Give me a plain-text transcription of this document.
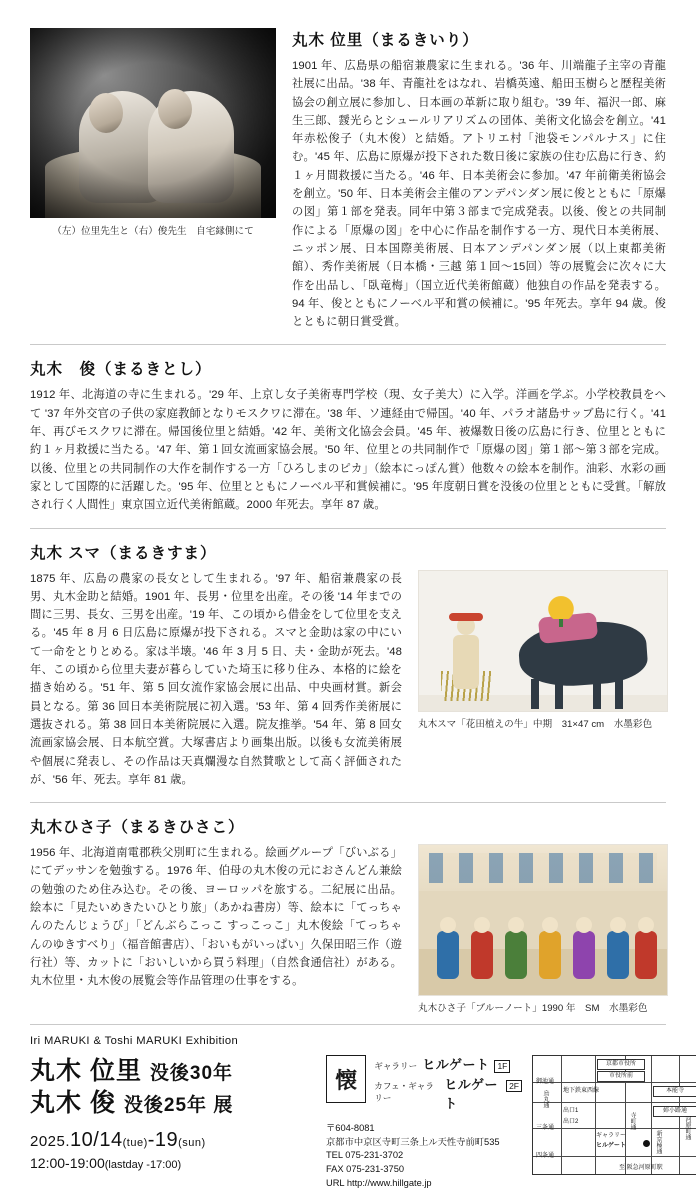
（左）位里先生と（右）俊先生　自宅縁側にて
丸木 位里（まるきいり）

1901 年、広島県の船宿兼農家に生まれる。'36 年、川端龍子主宰の青龍社展に出品。'38 年、青龍社をはなれ、岩橋英遠、船田玉樹らと歴程美術協会の創立展に参加し、日本画の革新に取り組む。'39 年、福沢一郎、麻生三郎、靉光らとシュールリアリズムの団体、美術文化協会を創立。'41 年赤松俊子（丸木俊）と結婚。アトリエ村「池袋モンパルナス」に住む。'45 年、広島に原爆が投下された数日後に家族の住む広島に行き、約１ヶ月間救援に当たる。'46 年、日本美術会に参加。'47 年前衛美術協会を創立。'50 年、日本美術会主催のアンデパンダン展に俊とともに「原爆の図」第１部を発表。同年中第３部まで完成発表。以後、俊との共同制作による「原爆の図」を中心に作品を制作する一方、現代日本美術展、ニッポン展、日本国際美術展、日本アンデパンダン展（以上東都美術館）、秀作美術展（日本橋・三越 第１回～15回）等の展覧会に次々に大作を出品し、「臥竜梅」（国立近代美術館蔵）他独自の作品を発表する。94 年、俊とともにノーベル平和賞の候補に。'95 年死去。享年 94 歳。俊とともに朝日賞受賞。

丸木　俊（まるきとし）

1912 年、北海道の寺に生まれる。'29 年、上京し女子美術専門学校（現、女子美大）に入学。洋画を学ぶ。小学校教員をへて '37 年外交官の子供の家庭教師となりモスクワに滞在。'38 年、ソ連経由で帰国。'40 年、パラオ諸島サッブ島に行く。'41 年、再びモスクワに滞在。帰国後位里と結婚。'42 年、美術文化協会会員。'45 年、被爆数日後の広島に行き、位里とともに約１ヶ月救援に当たる。'47 年、第１回女流画家協会展。'50 年、位里との共同制作で「原爆の図」第１部～第３部を完成。以後、位里との共同制作の大作を制作する一方「ひろしまのピカ」（絵本にっぽん賞）他数々の絵本を制作。油彩、水彩の画家として国際的に活躍した。'95 年、位里とともにノーベル平和賞候補に。'95 年度朝日賞を没後の位里とともに受賞。「解放され行く人間性」東京国立近代美術館蔵。2000 年死去。享年 87 歳。

丸木 スマ（まるきすま）

1875 年、広島の農家の長女として生まれる。'97 年、船宿兼農家の長男、丸木金助と結婚。1901 年、長男・位里を出産。その後 '14 年までの間に三男、長女、三男を出産。'19 年、この頃から借金をして位里を支える。'45 年 8 月 6 日広島に原爆が投下される。スマと金助は家の中にいて一命をとりとめる。家は半壊。'46 年 3 月 5 日、夫・金助が死去。'48 年、この頃から位里夫妻が暮らしていた埼玉に移り住み、本格的に絵を描き始める。'51 年、第 5 回女流作家協会展に出品、中央画材賞。新会員となる。第 36 回日本美術院展に初入選。'53 年、第 4 回秀作美術展に選抜される。第 38 回日本美術院展に入選。院友推挙。'54 年、第 8 回女流画家協会展、日本航空賞。大塚書店より画集出版。以後も女流美術展や個展に発表し、その作品は天真爛漫な自然賛歌として高く評価されたが、'56 年、死去。享年 81 歳。

丸木スマ「花田植えの牛」中期　31×47 cm　水墨彩色
丸木ひさ子（まるきひさこ）

1956 年、北海道南電郡秩父別町に生まれる。絵画グループ「びいぶる」にてデッサンを勉強する。1976 年、伯母の丸木俊の元におさんどん兼絵の勉強のため住み込む。その後、ヨーロッパを旅する。二紀展に出品。絵本に「見たいめきたいひとり旅」（あかね書房）等、絵本に「てっちゃんのたんじょうび」「どんぶらこっこ すっこっこ」丸木俊絵「てっちゃんのゆきすべり」（福音館書店）、「おいもがいっぱい」久保田昭三作（遊行社）等、カットに「おいしいから買う料理」（自然食通信社）がある。丸木位里・丸木俊の展覧会等作品管理の仕事をする。

丸木ひさ子「ブルーノート」1990 年　SM　水墨彩色
Iri MARUKI & Toshi MARUKI Exhibition
丸木 位里 没後30年
丸木 俊 没後25年 展
2025.10/14(tue)-19(sun)
12:00-19:00(lastday -17:00)
懐
ギャラリー ヒルゲート 1F
カフェ・ギャラリー
ヒルゲート
2F
〒604-8081
京都市中京区寺町三条上ル天性寺前町535
TEL 075-231-3702
FAX 075-231-3750
URL http://www.hillgate.jp
京都市役所
市役所前
本能寺
姉小路通
地下鉄東西線
出口1
出口2
ギャラリー
ヒルゲート
至 阪急河原町駅
烏丸通
寺町通
新京極通
河原町通
御池通
三条通
四条通
